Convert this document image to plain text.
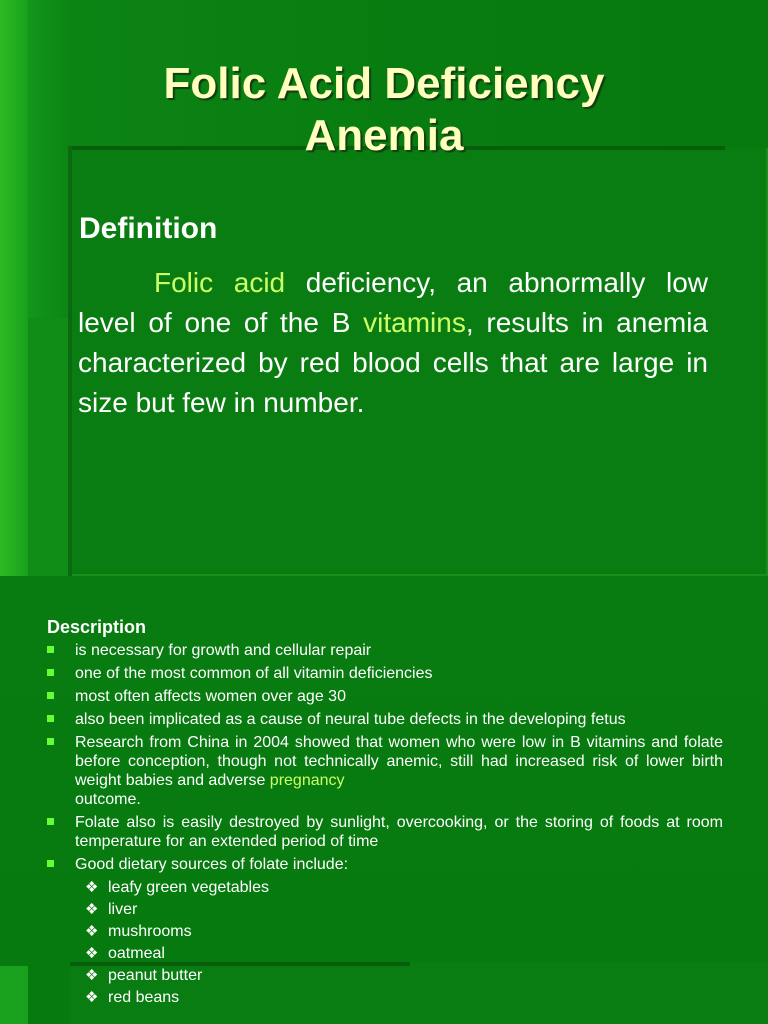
Folic Acid Deficiency
Anemia
Definition

Folic acid deficiency, an abnormally low level of one of the B vitamins, results in anemia characterized by red blood cells that are large in size but few in number.

Description
is necessary for growth and cellular repair
one of the most common of all vitamin deficiencies
most often affects women over age 30
also been implicated as a cause of neural tube defects in the developing fetus
Research from China in 2004 showed that women who were low in B vitamins and folate before conception, though not technically anemic, still had increased risk of lower birth weight babies and adverse pregnancy
outcome.
Folate also is easily destroyed by sunlight, overcooking, or the storing of foods at room temperature for an extended period of time
Good dietary sources of folate include:
❖ leafy green vegetables
❖ liver
❖ mushrooms
❖ oatmeal
❖ peanut butter
❖ red beans
